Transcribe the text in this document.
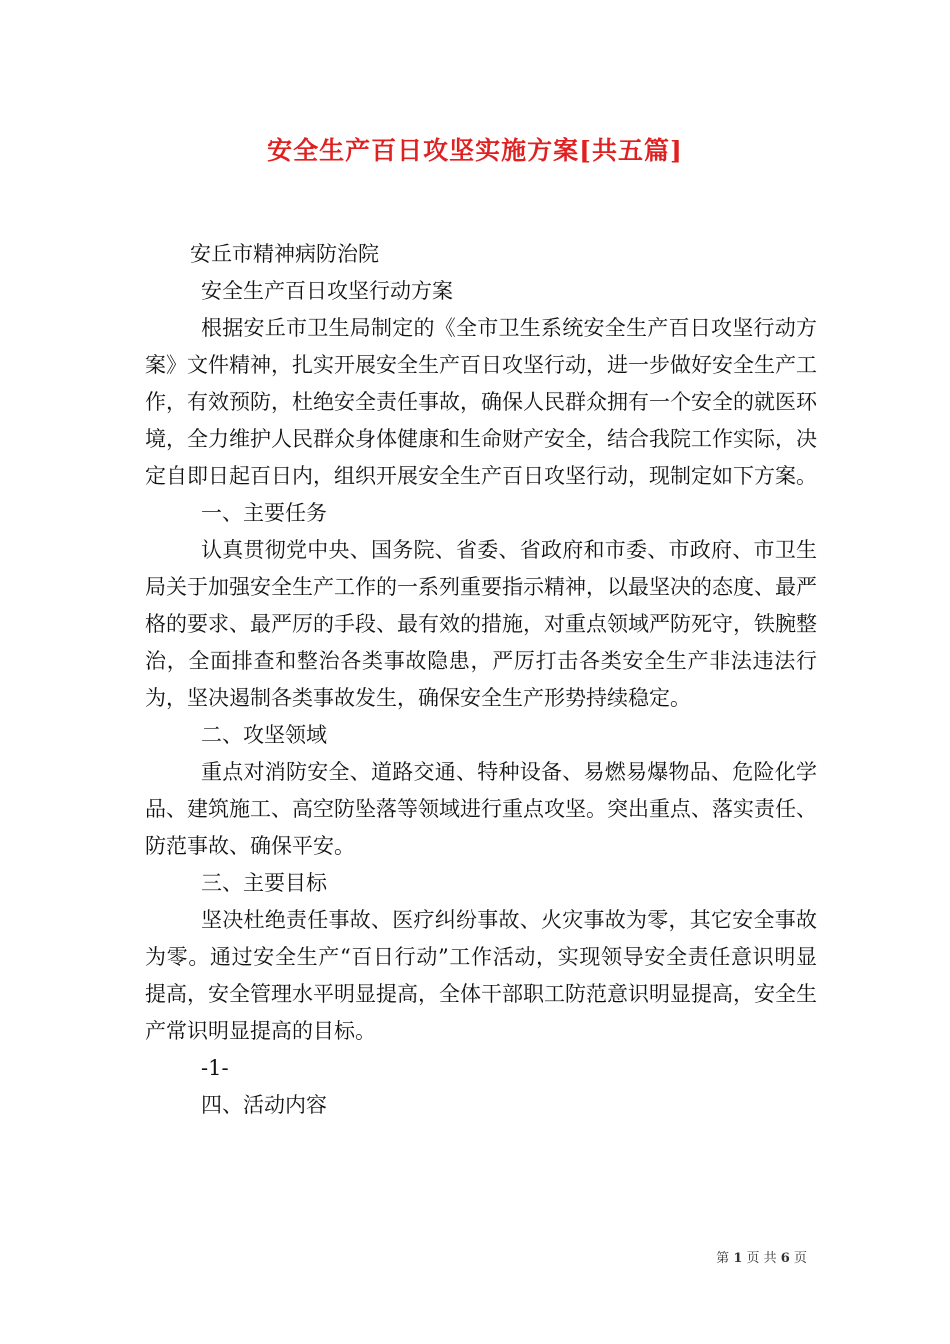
安全生产百日攻坚实施方案[共五篇]

安丘市精神病防治院

安全生产百日攻坚行动方案

根据安丘市卫生局制定的《全市卫生系统安全生产百日攻坚行动方案》文件精神，扎实开展安全生产百日攻坚行动，进一步做好安全生产工作，有效预防，杜绝安全责任事故，确保人民群众拥有一个安全的就医环境，全力维护人民群众身体健康和生命财产安全，结合我院工作实际，决定自即日起百日内，组织开展安全生产百日攻坚行动，现制定如下方案。

一、主要任务

认真贯彻党中央、国务院、省委、省政府和市委、市政府、市卫生局关于加强安全生产工作的一系列重要指示精神，以最坚决的态度、最严格的要求、最严厉的手段、最有效的措施，对重点领域严防死守，铁腕整治，全面排查和整治各类事故隐患，严厉打击各类安全生产非法违法行为，坚决遏制各类事故发生，确保安全生产形势持续稳定。

二、攻坚领域

重点对消防安全、道路交通、特种设备、易燃易爆物品、危险化学品、建筑施工、高空防坠落等领域进行重点攻坚。突出重点、落实责任、防范事故、确保平安。

三、主要目标

坚决杜绝责任事故、医疗纠纷事故、火灾事故为零，其它安全事故为零。通过安全生产“百日行动”工作活动，实现领导安全责任意识明显提高，安全管理水平明显提高，全体干部职工防范意识明显提高，安全生产常识明显提高的目标。

-1-

四、活动内容

第 1 页 共 6 页
